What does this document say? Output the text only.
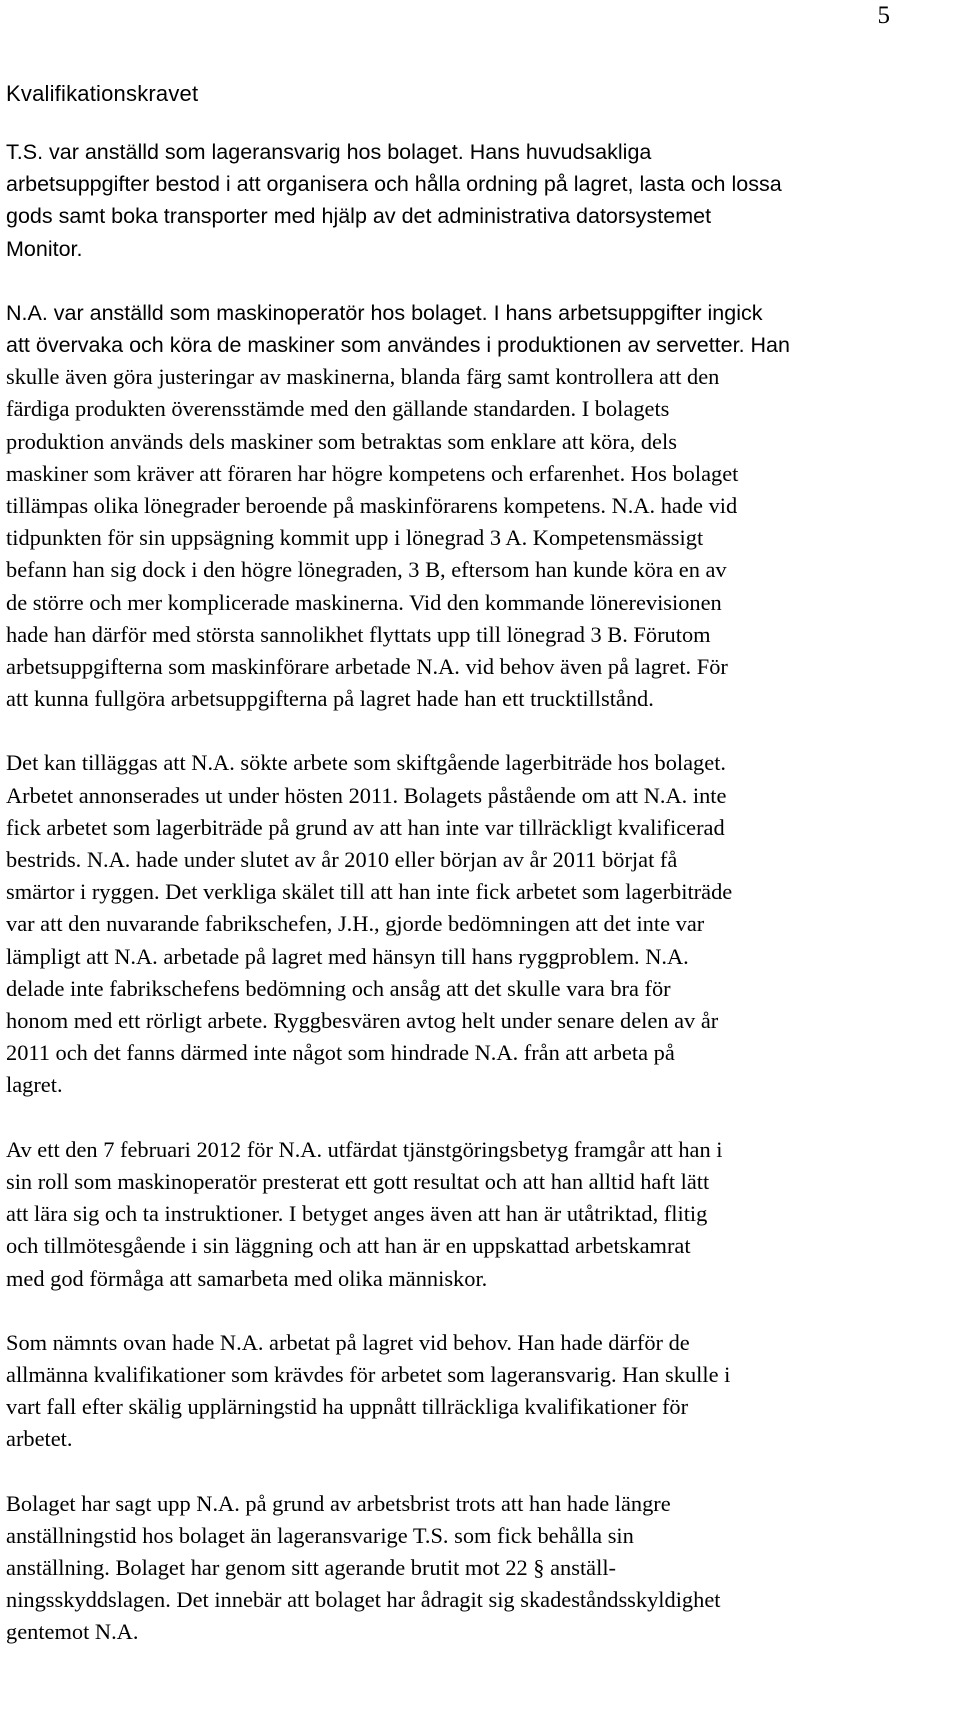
5
Kvalifikationskravet
T.S. var anställd som lageransvarig hos bolaget. Hans huvudsakliga
arbetsuppgifter bestod i att organisera och hålla ordning på lagret, lasta och lossa
gods samt boka transporter med hjälp av det administrativa datorsystemet
Monitor.
N.A. var anställd som maskinoperatör hos bolaget. I hans arbetsuppgifter ingick
att övervaka och köra de maskiner som användes i produktionen av servetter. Han
skulle även göra justeringar av maskinerna, blanda färg samt kontrollera att den
färdiga produkten överensstämde med den gällande standarden. I bolagets
produktion används dels maskiner som betraktas som enklare att köra, dels
maskiner som kräver att föraren har högre kompetens och erfarenhet. Hos bolaget
tillämpas olika lönegrader beroende på maskinförarens kompetens. N.A. hade vid
tidpunkten för sin uppsägning kommit upp i lönegrad 3 A. Kompetensmässigt
befann han sig dock i den högre lönegraden, 3 B, eftersom han kunde köra en av
de större och mer komplicerade maskinerna. Vid den kommande lönerevisionen
hade han därför med största sannolikhet flyttats upp till lönegrad 3 B. Förutom
arbetsuppgifterna som maskinförare arbetade N.A. vid behov även på lagret. För
att kunna fullgöra arbetsuppgifterna på lagret hade han ett trucktillstånd.
Det kan tilläggas att N.A. sökte arbete som skiftgående lagerbiträde hos bolaget.
Arbetet annonserades ut under hösten 2011. Bolagets påstående om att N.A. inte
fick arbetet som lagerbiträde på grund av att han inte var tillräckligt kvalificerad
bestrids. N.A. hade under slutet av år 2010 eller början av år 2011 börjat få
smärtor i ryggen. Det verkliga skälet till att han inte fick arbetet som lagerbiträde
var att den nuvarande fabrikschefen, J.H., gjorde bedömningen att det inte var
lämpligt att N.A. arbetade på lagret med hänsyn till hans ryggproblem. N.A.
delade inte fabrikschefens bedömning och ansåg att det skulle vara bra för
honom med ett rörligt arbete. Ryggbesvären avtog helt under senare delen av år
2011 och det fanns därmed inte något som hindrade N.A. från att arbeta på
lagret.
Av ett den 7 februari 2012 för N.A. utfärdat tjänstgöringsbetyg framgår att han i
sin roll som maskinoperatör presterat ett gott resultat och att han alltid haft lätt
att lära sig och ta instruktioner. I betyget anges även att han är utåtriktad, flitig
och tillmötesgående i sin läggning och att han är en uppskattad arbetskamrat
med god förmåga att samarbeta med olika människor.
Som nämnts ovan hade N.A. arbetat på lagret vid behov. Han hade därför de
allmänna kvalifikationer som krävdes för arbetet som lageransvarig. Han skulle i
vart fall efter skälig upplärningstid ha uppnått tillräckliga kvalifikationer för
arbetet.
Bolaget har sagt upp N.A. på grund av arbetsbrist trots att han hade längre
anställningstid hos bolaget än lageransvarige T.S. som fick behålla sin
anställning. Bolaget har genom sitt agerande brutit mot 22 § anställ-
ningsskyddslagen. Det innebär att bolaget har ådragit sig skadeståndsskyldighet
gentemot N.A.
